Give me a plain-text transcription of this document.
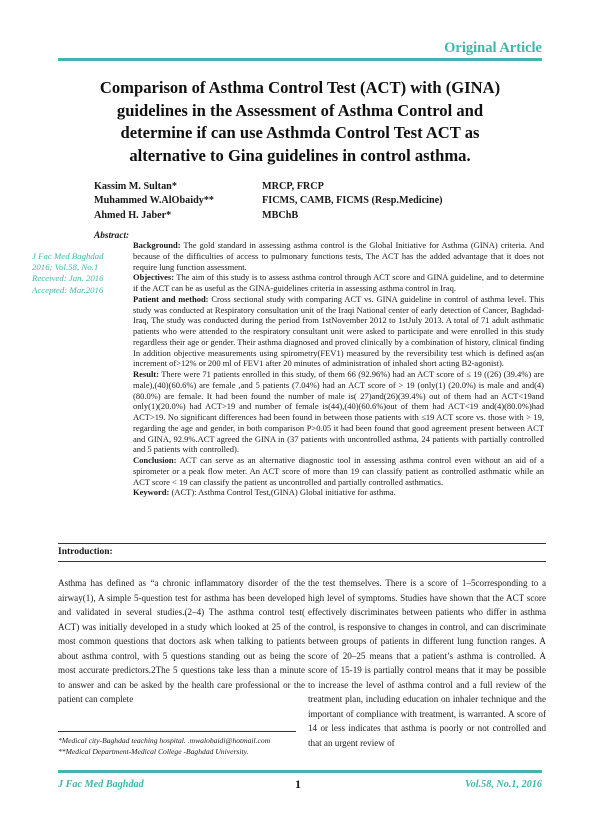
Original Article
Comparison of Asthma Control Test (ACT) with (GINA) guidelines in the Assessment of Asthma Control and determine if can use Asthmda Control Test ACT as alternative to Gina guidelines in control asthma.
Kassim M. Sultan*	MRCP, FRCP
Muhammed W.AlObaidy**	FICMS, CAMB, FICMS (Resp.Medicine)
Ahmed H. Jaber*	MBChB
Abstract:
J Fac Med Baghdad
2016; Vol.58, No.1
Received: Jan. 2016
Accepted: Mar.2016

Background: The gold standard in assessing asthma control is the Global Initiative for Asthma (GINA) criteria. And because of the difficulties of access to pulmonary functions tests, The ACT has the added advantage that it does not require lung function assessment.

Objectives: The aim of this study is to assess asthma control through ACT score and GINA guideline, and to determine if the ACT can be as useful as the GINA-guidelines criteria in assessing asthma control in Iraq.

Patient and method: Cross sectional study with comparing ACT vs. GINA guideline in control of asthma level. This study was conducted at Respiratory consultation unit of the Iraqi National center of early detection of Cancer, Baghdad-Iraq, The study was conducted during the period from 1stNovember 2012 to 1stJuly 2013. A total of 71 adult asthmatic patients who were attended to the respiratory consultant unit were asked to participate and were enrolled in this study regardless their age or gender. Their asthma diagnosed and proved clinically by a combination of history, clinical finding In addition objective measurements using spirometry(FEV1) measured by the reversibility test which is defined as(an increment of>12% or 200 ml of FEV1 after 20 minutes of administration of inhaled short acting B2-agonist).

Result: There were 71 patients enrolled in this study, of them 66 (92.96%) had an ACT score of ≤ 19 ((26) (39.4%) are male),(40)(60.6%) are female ,and 5 patients (7.04%) had an ACT score of > 19 (only(1) (20.0%) is male and and(4)(80.0%) are female. It had been found the number of male is( 27)and(26)(39.4%) out of them had an ACT<19and only(1)(20.0%) had ACT>19 and number of female is(44),(40)(60.6%)out of them had ACT<19 and(4)(80.0%)had ACT>19. No significant differences had been found in between those patients with ≤19 ACT score vs. those with > 19, regarding the age and gender, in both comparison P>0.05 it had been found that good agreement present between ACT and GINA, 92.9%.ACT agreed the GINA in (37 patients with uncontrolled asthma, 24 patients with partially controlled and 5 patients with controlled).

Conclusion: ACT can serve as an alternative diagnostic tool in assessing asthma control even without an aid of a spirometer or a peak flow meter. An ACT score of more than 19 can classify patient as controlled asthmatic while an ACT score < 19 can classify the patient as uncontrolled and partially controlled asthmatics.

Keyword: (ACT): Asthma Control Test,(GINA) Global initiative for asthma.

Introduction:

Asthma has defined as “a chronic inflammatory disorder of the airway(1), A simple 5-question test for asthma has been developed and validated in several studies.(2–4) The asthma control test( ACT) was initially developed in a study which looked at 25 of the most common questions that doctors ask when talking to patients about asthma control, with 5 questions standing out as being the most accurate predictors.2The 5 questions take less than a minute to answer and can be asked by the health care professional or the patient can complete

the test themselves. There is a score of 1–5corresponding to a high level of symptoms. Studies have shown that the ACT score effectively discriminates between patients who differ in asthma control, is responsive to changes in control, and can discriminate between groups of patients in different lung function ranges. A score of 20–25 means that a patient’s asthma is controlled. A score of 15-19 is partially control means that it may be possible to increase the level of asthma control and a full review of the treatment plan, including education on inhaler technique and the important of compliance with treatment, is warranted. A score of 14 or less indicates that asthma is poorly or not controlled and that an urgent review of

*Medical city-Baghdad teaching hospital. .mwalobaidi@hotmail.com
**Medical Department-Medical College -Baghdad University.
J Fac Med Baghdad	1	Vol.58, No.1, 2016
